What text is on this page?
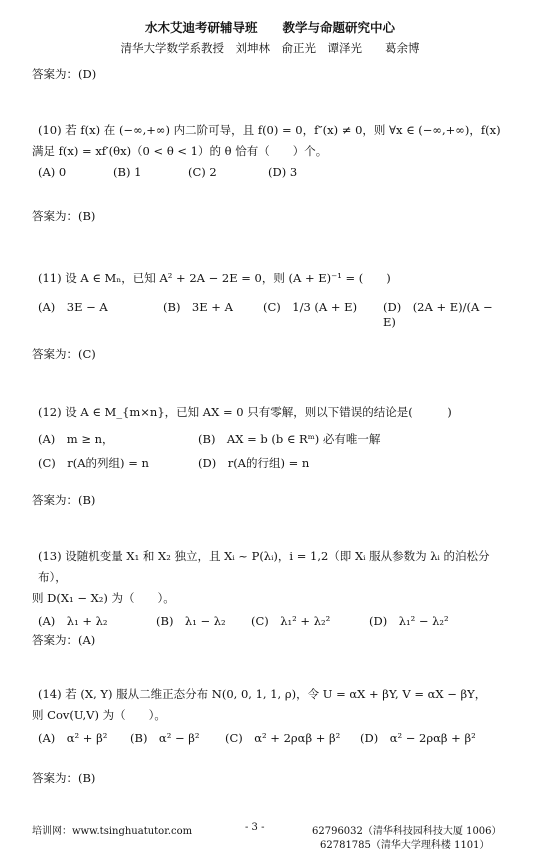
水木艾迪考研辅导班　　教学与命题研究中心
清华大学数学系教授　刘坤林　俞正光　谭泽光　　葛余博
答案为：(D)
(10) 若 f(x) 在 (−∞,+∞) 内二阶可导，且 f(0) = 0，f″(x) ≠ 0，则 ∀x ∈ (−∞,+∞)，f(x)
满足 f(x) = xf′(θx)（0 < θ < 1）的 θ 恰有（　　）个。
(A) 0	(B) 1	(C) 2	(D) 3
答案为：(B)
(11) 设 A ∈ Mₙ，已知 A² + 2A − 2E = 0，则 (A + E)⁻¹ = (　　)
(A)　3E − A	(B)　3E + A	(C)　1/3 (A + E)	(D)　(2A + E)/(A − E)
答案为：(C)
(12) 设 A ∈ M_{m×n}，已知 AX = 0 只有零解，则以下错误的结论是(　　　)
(A)　m ≥ n，	(B)　AX = b (b ∈ Rᵐ) 必有唯一解
(C)　r(A的列组) = n	(D)　r(A的行组) = n
答案为：(B)
(13) 设随机变量 X₁ 和 X₂ 独立，且 Xᵢ ~ P(λᵢ)，i = 1,2（即 Xᵢ 服从参数为 λᵢ 的泊松分布），
则 D(X₁ − X₂) 为（　　）。
(A)　λ₁ + λ₂	(B)　λ₁ − λ₂	(C)　λ₁² + λ₂²	(D)　λ₁² − λ₂²
答案为：(A)
(14) 若 (X, Y) 服从二维正态分布 N(0, 0, 1, 1, ρ)，令 U = αX + βY, V = αX − βY，
则 Cov(U,V) 为（　　）。
(A)　α² + β²	(B)　α² − β²	(C)　α² + 2ραβ + β²	(D)　α² − 2ραβ + β²
答案为：(B)
培训网：www.tsinghuatutor.com	- 3 -	62796032（清华科技园科技大厦 1006）
62781785（清华大学理科楼 1101）
